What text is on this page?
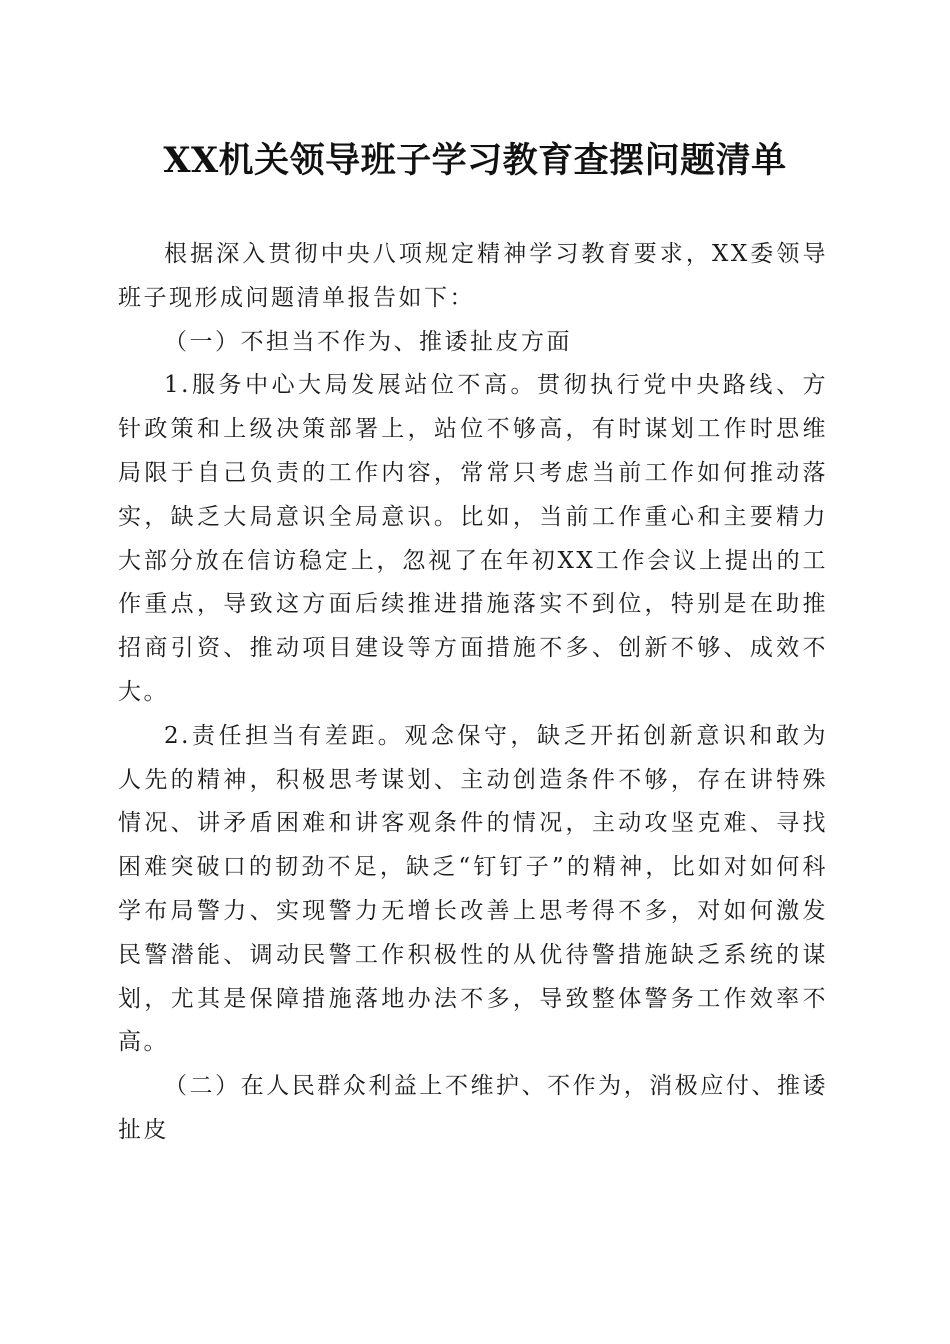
XX机关领导班子学习教育查摆问题清单

根据深入贯彻中央八项规定精神学习教育要求，XX委领导班子现形成问题清单报告如下：

（一）不担当不作为、推诿扯皮方面

1.服务中心大局发展站位不高。贯彻执行党中央路线、方针政策和上级决策部署上，站位不够高，有时谋划工作时思维局限于自己负责的工作内容，常常只考虑当前工作如何推动落实，缺乏大局意识全局意识。比如，当前工作重心和主要精力大部分放在信访稳定上，忽视了在年初XX工作会议上提出的工作重点，导致这方面后续推进措施落实不到位，特别是在助推招商引资、推动项目建设等方面措施不多、创新不够、成效不大。

2.责任担当有差距。观念保守，缺乏开拓创新意识和敢为人先的精神，积极思考谋划、主动创造条件不够，存在讲特殊情况、讲矛盾困难和讲客观条件的情况，主动攻坚克难、寻找困难突破口的韧劲不足，缺乏“钉钉子”的精神，比如对如何科学布局警力、实现警力无增长改善上思考得不多，对如何激发民警潜能、调动民警工作积极性的从优待警措施缺乏系统的谋划，尤其是保障措施落地办法不多，导致整体警务工作效率不高。

（二）在人民群众利益上不维护、不作为，消极应付、推诿扯皮
